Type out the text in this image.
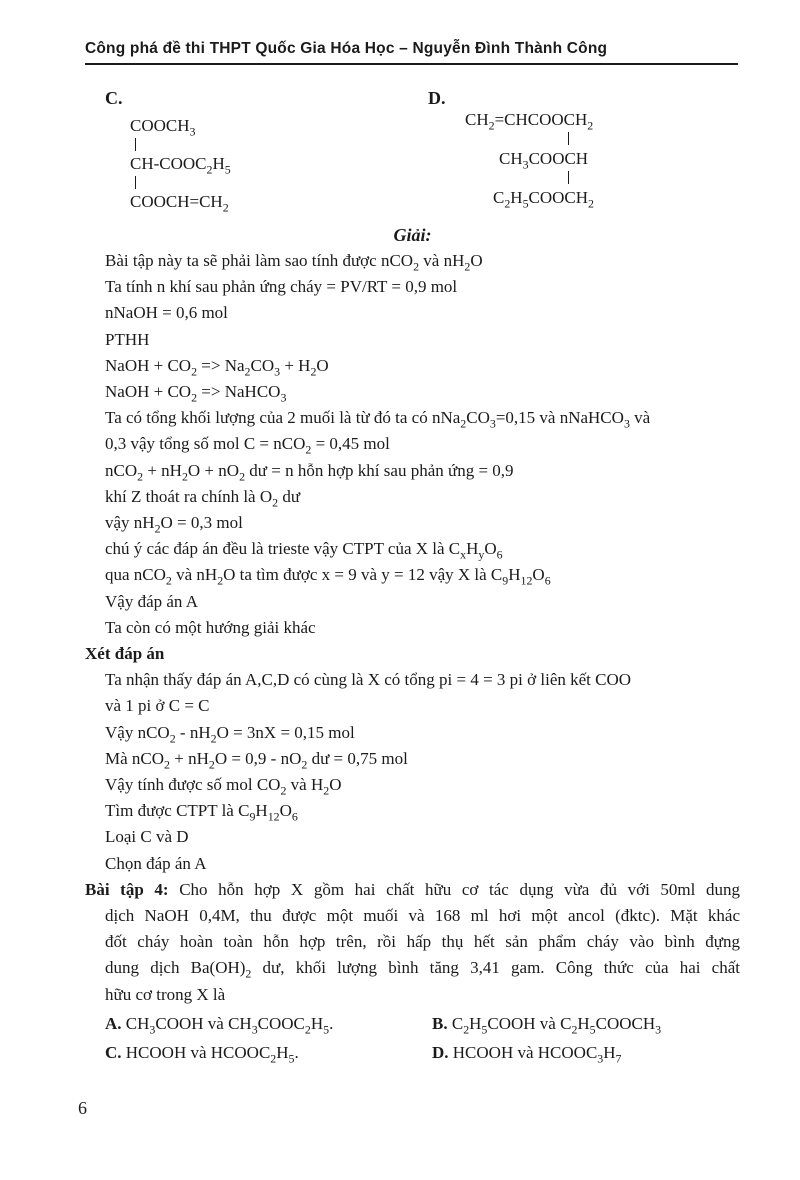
Công phá đề thi THPT Quốc Gia Hóa Học – Nguyễn Đình Thành Công
C.
$COOCH_3$
$CH-COOC_2H_5$
$COOCH=CH_2$
D.
$CH_2=CHCOOCH_2$
$CH_3COOCH$
$C_2H_5COOCH_2$
Giải:
Bài tập này ta sẽ phải làm sao tính được nCO$_2$ và $nH_2O$
Ta tính n khí sau phản ứng cháy = PV/RT = 0,9 mol
nNaOH = 0,6 mol
PTHH
NaOH + $CO_2 => Na_2CO_3 + H_2O$
NaOH + $CO_2$ => NaHCO$_3$
Ta có tổng khối lượng của 2 muối là từ đó ta có $nNa_2CO_3=0,15$ và nNaHCO$_3$ và
0,3 vậy tổng số mol C = nCO$_2$ = 0,45 mol
$nCO_2 + nH_2O + nO_2$ dư = n hỗn hợp khí sau phản ứng = 0,9
khí Z thoát ra chính là $O_2$ dư
vậy $nH_2O = 0,3$ mol
chú ý các đáp án đều là trieste vậy CTPT của X là $C_xH_yO_6$
qua nCO$_2$ và $nH_2O$ ta tìm được x = 9 và y = 12 vậy X là $C_9H_{12}O_6$
Vậy đáp án A
Ta còn có một hướng giải khác
Xét đáp án
Ta nhận thấy đáp án A,C,D có cùng là X có tổng pi = 4 = 3 pi ở liên kết COO
và 1 pi ở C = C
Vậy $nCO_2 - nH_2O = 3nX = 0,15$ mol
Mà $nCO_2 + nH_2O = 0,9 - nO_2$ dư = 0,75 mol
Vậy tính được số mol $CO_2$ và $H_2O$
Tìm được CTPT là $C_9H_{12}O_6$
Loại C và D
Chọn đáp án A
Bài tập 4: Cho hỗn hợp X gồm hai chất hữu cơ tác dụng vừa đủ với 50ml dung
dịch NaOH 0,4M, thu được một muối và 168 ml hơi một ancol (đktc). Mặt khác
đốt cháy hoàn toàn hỗn hợp trên, rồi hấp thụ hết sản phẩm cháy vào bình đựng
dung dịch $Ba(OH)_2$ dư, khối lượng bình tăng 3,41 gam. Công thức của hai chất
hữu cơ trong X là
A. $CH_3COOH$ và $CH_3COOC_2H_5$.	B. $C_2H_5COOH$ và $C_2H_5COOCH_3$
C. HCOOH và $HCOOC_2H_5$.	D. HCOOH và $HCOOC_3H_7$
6
